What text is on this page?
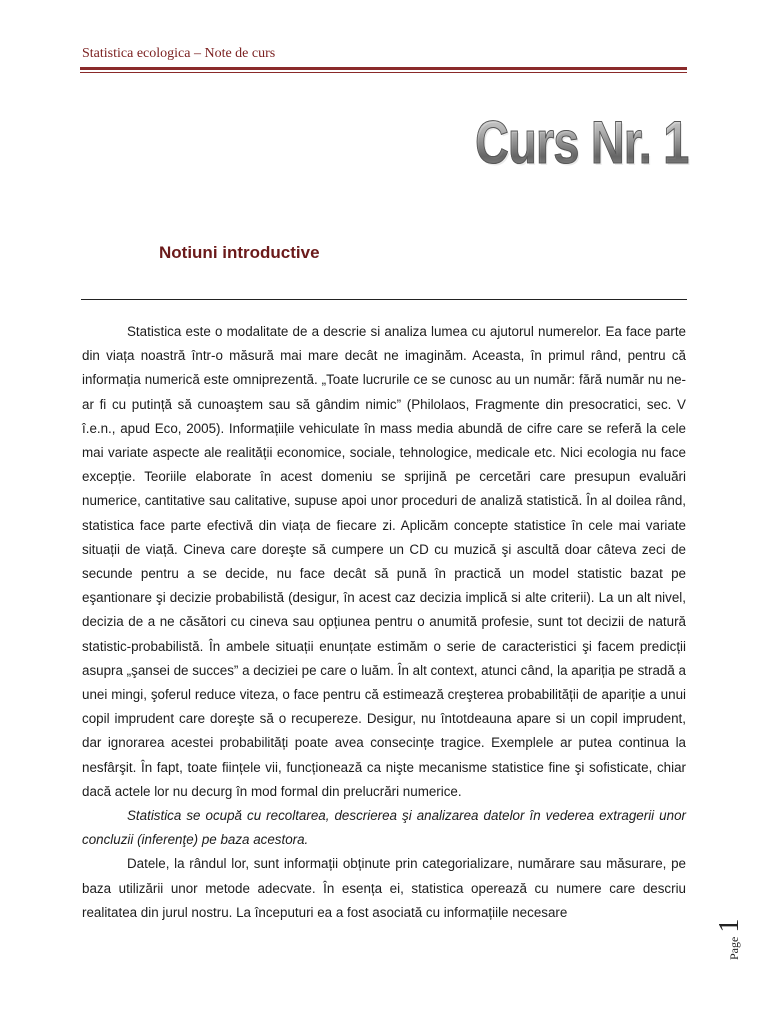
Statistica ecologica – Note de curs
Curs Nr. 1
Notiuni introductive

Statistica este o modalitate de a descrie si analiza lumea cu ajutorul numerelor. Ea face parte din viața noastră într-o măsură mai mare decât ne imaginăm. Aceasta, în primul rând, pentru că informația numerică este omniprezentă. „Toate lucrurile ce se cunosc au un număr: fără număr nu ne-ar fi cu putință să cunoaştem sau să gândim nimic” (Philolaos, Fragmente din presocratici, sec. V î.e.n., apud Eco, 2005). Informațiile vehiculate în mass media abundă de cifre care se referă la cele mai variate aspecte ale realității economice, sociale, tehnologice, medicale etc. Nici ecologia nu face excepție. Teoriile elaborate în acest domeniu se sprijină pe cercetări care presupun evaluări numerice, cantitative sau calitative, supuse apoi unor proceduri de analiză statistică. În al doilea rând, statistica face parte efectivă din viața de fiecare zi. Aplicăm concepte statistice în cele mai variate situații de viață. Cineva care doreşte să cumpere un CD cu muzică şi ascultă doar câteva zeci de secunde pentru a se decide, nu face decât să pună în practică un model statistic bazat pe eşantionare şi decizie probabilistă (desigur, în acest caz decizia implică si alte criterii). La un alt nivel, decizia de a ne căsători cu cineva sau opțiunea pentru o anumită profesie, sunt tot decizii de natură statistic-probabilistă. În ambele situații enunțate estimăm o serie de caracteristici şi facem predicții asupra „şansei de succes” a deciziei pe care o luăm. În alt context, atunci când, la apariția pe stradă a unei mingi, şoferul reduce viteza, o face pentru că estimează creşterea probabilității de apariție a unui copil imprudent care doreşte să o recupereze. Desigur, nu întotdeauna apare si un copil imprudent, dar ignorarea acestei probabilități poate avea consecințe tragice. Exemplele ar putea continua la nesfârşit. În fapt, toate ființele vii, funcționează ca nişte mecanisme statistice fine şi sofisticate, chiar dacă actele lor nu decurg în mod formal din prelucrări numerice.

Statistica se ocupă cu recoltarea, descrierea şi analizarea datelor în vederea extragerii unor concluzii (inferenţe) pe baza acestora.

Datele, la rândul lor, sunt informații obținute prin categorializare, numărare sau măsurare, pe baza utilizării unor metode adecvate. În esența ei, statistica operează cu numere care descriu realitatea din jurul nostru. La începuturi ea a fost asociată cu informațiile necesare

Page 1
